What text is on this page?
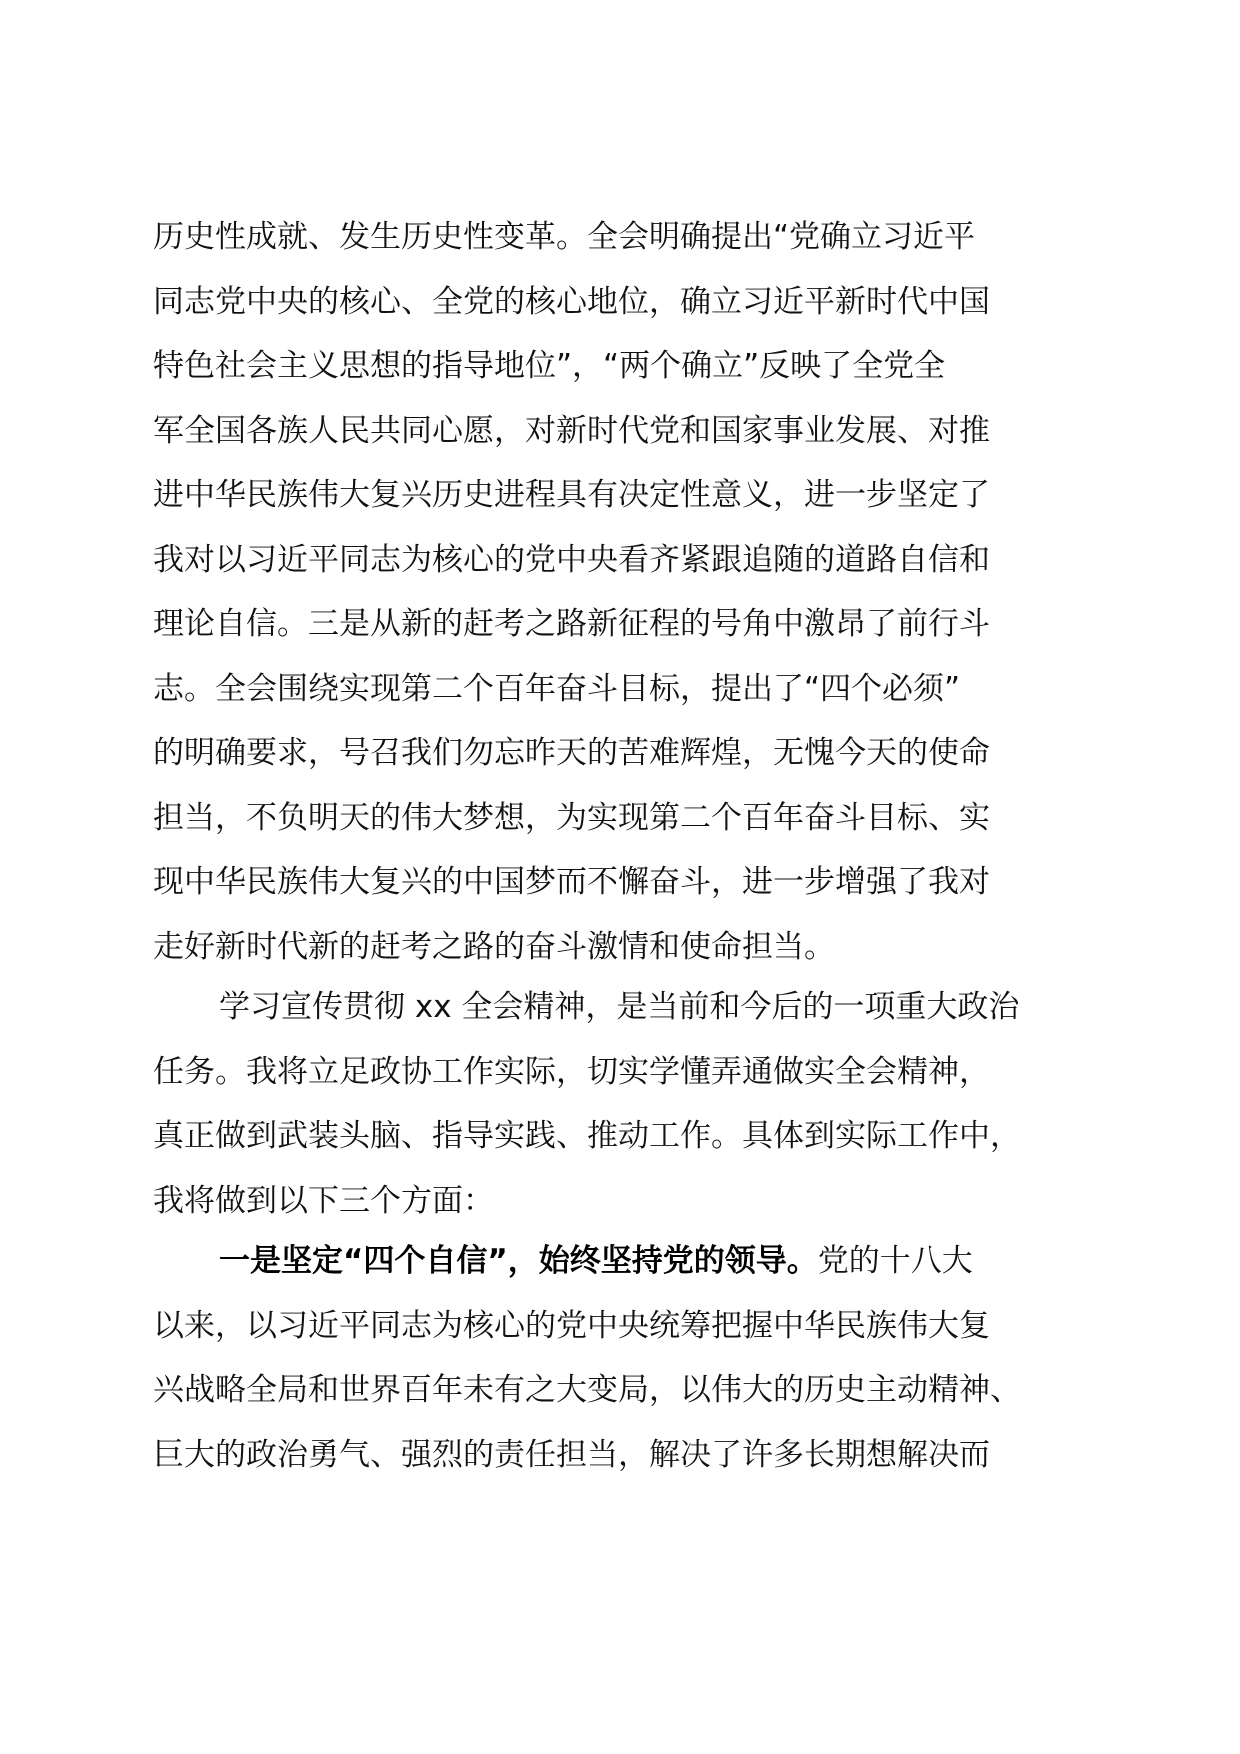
历史性成就、发生历史性变革。全会明确提出“党确立习近平
同志党中央的核心、全党的核心地位，确立习近平新时代中国
特色社会主义思想的指导地位”，“两个确立”反映了全党全
军全国各族人民共同心愿，对新时代党和国家事业发展、对推
进中华民族伟大复兴历史进程具有决定性意义，进一步坚定了
我对以习近平同志为核心的党中央看齐紧跟追随的道路自信和
理论自信。三是从新的赶考之路新征程的号角中激昂了前行斗
志。全会围绕实现第二个百年奋斗目标，提出了“四个必须”
的明确要求，号召我们勿忘昨天的苦难辉煌，无愧今天的使命
担当，不负明天的伟大梦想，为实现第二个百年奋斗目标、实
现中华民族伟大复兴的中国梦而不懈奋斗，进一步增强了我对
走好新时代新的赶考之路的奋斗激情和使命担当。
学习宣传贯彻 xx 全会精神，是当前和今后的一项重大政治
任务。我将立足政协工作实际，切实学懂弄通做实全会精神，
真正做到武装头脑、指导实践、推动工作。具体到实际工作中，
我将做到以下三个方面：
一是坚定“四个自信”，始终坚持党的领导。党的十八大
以来，以习近平同志为核心的党中央统筹把握中华民族伟大复
兴战略全局和世界百年未有之大变局，以伟大的历史主动精神、
巨大的政治勇气、强烈的责任担当，解决了许多长期想解决而
